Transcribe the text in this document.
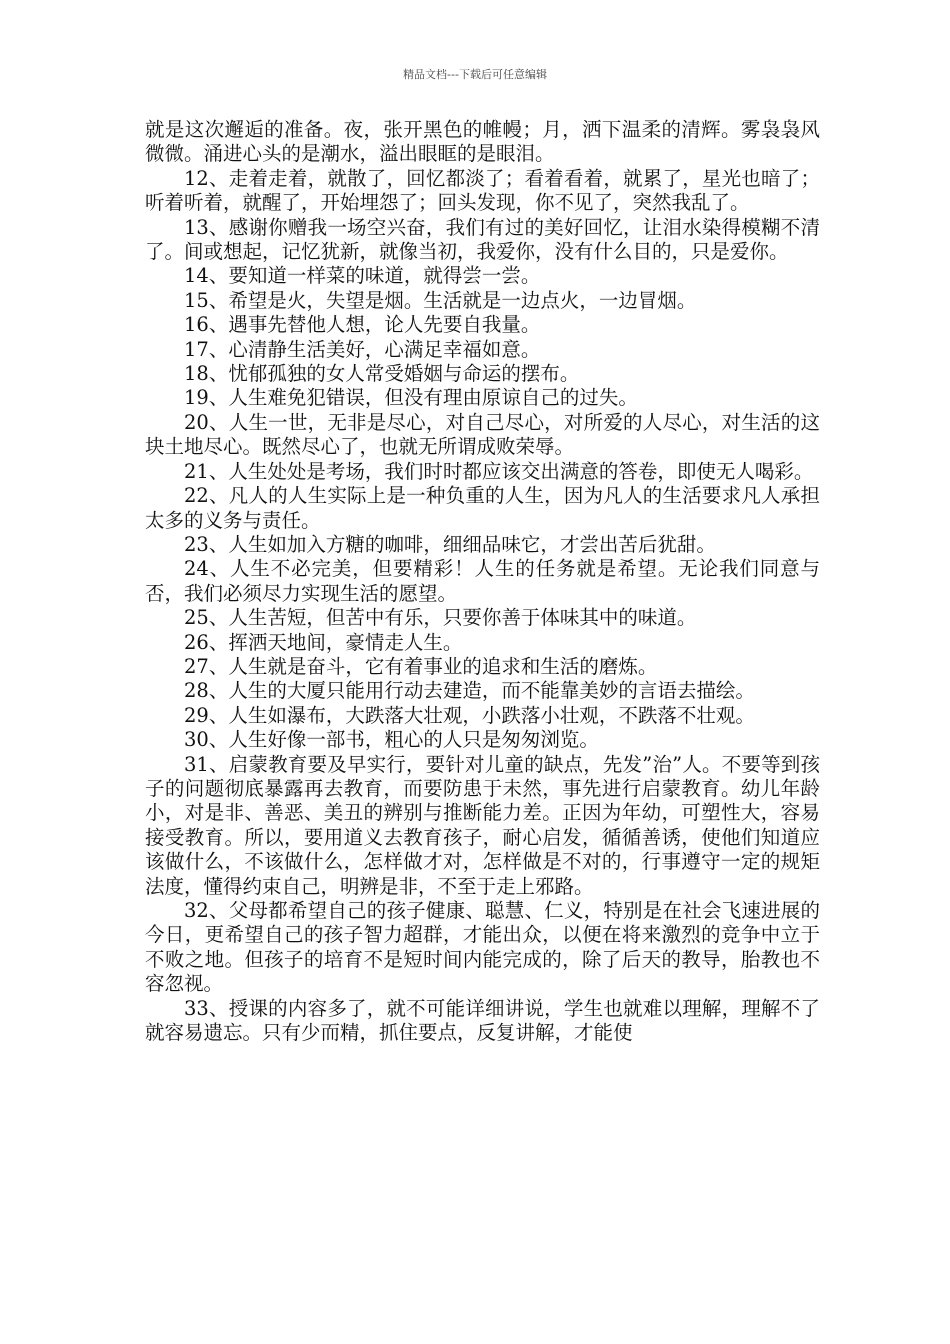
精品文档---下载后可任意编辑

就是这次邂逅的准备。夜，张开黑色的帷幔；月，洒下温柔的清辉。雾袅袅风微微。涌进心头的是潮水，溢出眼眶的是眼泪。

12、走着走着，就散了，回忆都淡了；看着看着，就累了，星光也暗了；听着听着，就醒了，开始埋怨了；回头发现，你不见了，突然我乱了。

13、感谢你赠我一场空兴奋，我们有过的美好回忆，让泪水染得模糊不清了。间或想起，记忆犹新，就像当初，我爱你，没有什么目的，只是爱你。

14、要知道一样菜的味道，就得尝一尝。

15、希望是火，失望是烟。生活就是一边点火，一边冒烟。

16、遇事先替他人想，论人先要自我量。

17、心清静生活美好，心满足幸福如意。

18、忧郁孤独的女人常受婚姻与命运的摆布。

19、人生难免犯错误，但没有理由原谅自己的过失。

20、人生一世，无非是尽心，对自己尽心，对所爱的人尽心，对生活的这块土地尽心。既然尽心了，也就无所谓成败荣辱。

21、人生处处是考场，我们时时都应该交出满意的答卷，即使无人喝彩。

22、凡人的人生实际上是一种负重的人生，因为凡人的生活要求凡人承担太多的义务与责任。

23、人生如加入方糖的咖啡，细细品味它，才尝出苦后犹甜。

24、人生不必完美，但要精彩！人生的任务就是希望。无论我们同意与否，我们必须尽力实现生活的愿望。

25、人生苦短，但苦中有乐，只要你善于体味其中的味道。

26、挥洒天地间，豪情走人生。

27、人生就是奋斗，它有着事业的追求和生活的磨炼。

28、人生的大厦只能用行动去建造，而不能靠美妙的言语去描绘。

29、人生如瀑布，大跌落大壮观，小跌落小壮观，不跌落不壮观。

30、人生好像一部书，粗心的人只是匆匆浏览。

31、启蒙教育要及早实行，要针对儿童的缺点，先发”治”人。不要等到孩子的问题彻底暴露再去教育，而要防患于未然，事先进行启蒙教育。幼儿年龄小，对是非、善恶、美丑的辨别与推断能力差。正因为年幼，可塑性大，容易接受教育。所以，要用道义去教育孩子，耐心启发，循循善诱，使他们知道应该做什么，不该做什么，怎样做才对，怎样做是不对的，行事遵守一定的规矩法度，懂得约束自己，明辨是非，不至于走上邪路。

32、父母都希望自己的孩子健康、聪慧、仁义，特别是在社会飞速进展的今日，更希望自己的孩子智力超群，才能出众，以便在将来激烈的竞争中立于不败之地。但孩子的培育不是短时间内能完成的，除了后天的教导，胎教也不容忽视。

33、授课的内容多了，就不可能详细讲说，学生也就难以理解，理解不了就容易遗忘。只有少而精，抓住要点，反复讲解，才能使
